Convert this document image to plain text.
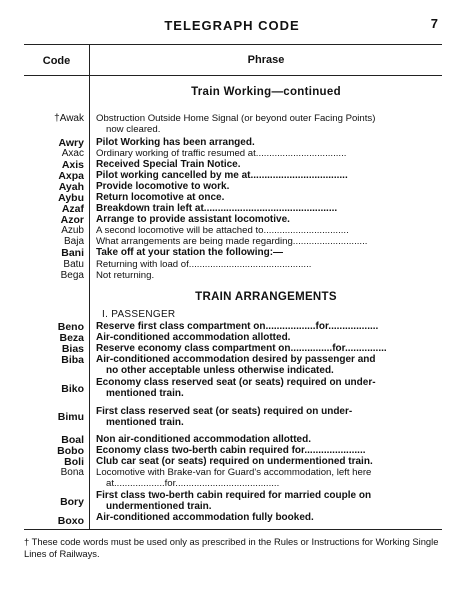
TELEGRAPH CODE	7
Code	Phrase
Train Working—continued
†Awak Obstruction Outside Home Signal (or beyond outer Facing Points)
now cleared.
Awry Pilot Working has been arranged.
Axac Ordinary working of traffic resumed at..................................
Axis Received Special Train Notice.
Axpa Pilot working cancelled by me at...................................
Ayah Provide locomotive to work.
Aybu Return locomotive at once.
Azaf Breakdown train left at................................................
Azor Arrange to provide assistant locomotive.
Azub A second locomotive will be attached to................................
Baja What arrangements are being made regarding............................
Bani Take off at your station the following:—
Batu Returning with load of..............................................
Bega Not returning.
TRAIN ARRANGEMENTS
I. PASSENGER
Beno Reserve first class compartment on..................for..................
Beza Air-conditioned accommodation allotted.
Bias Reserve economy class compartment on...............for...............
Biba Air-conditioned accommodation desired by passenger and
no other acceptable unless otherwise indicated.
Biko
Economy class reserved seat (or seats) required on under-
mentioned train.
Bimu First class reserved seat (or seats) required on under-
mentioned train.
Boal Non air-conditioned accommodation allotted.
Bobo Economy class two-berth cabin required for......................
Boli Club car seat (or seats) required on undermentioned train.
Bona Locomotive with Brake-van for Guard's accommodation, left here
at...................for.......................................
Bory
First class two-berth cabin required for married couple on
undermentioned train.
Boxo Air-conditioned accommodation fully booked.
† These code words must be used only as prescribed in the Rules or Instructions for Working Single Lines of Railways.
